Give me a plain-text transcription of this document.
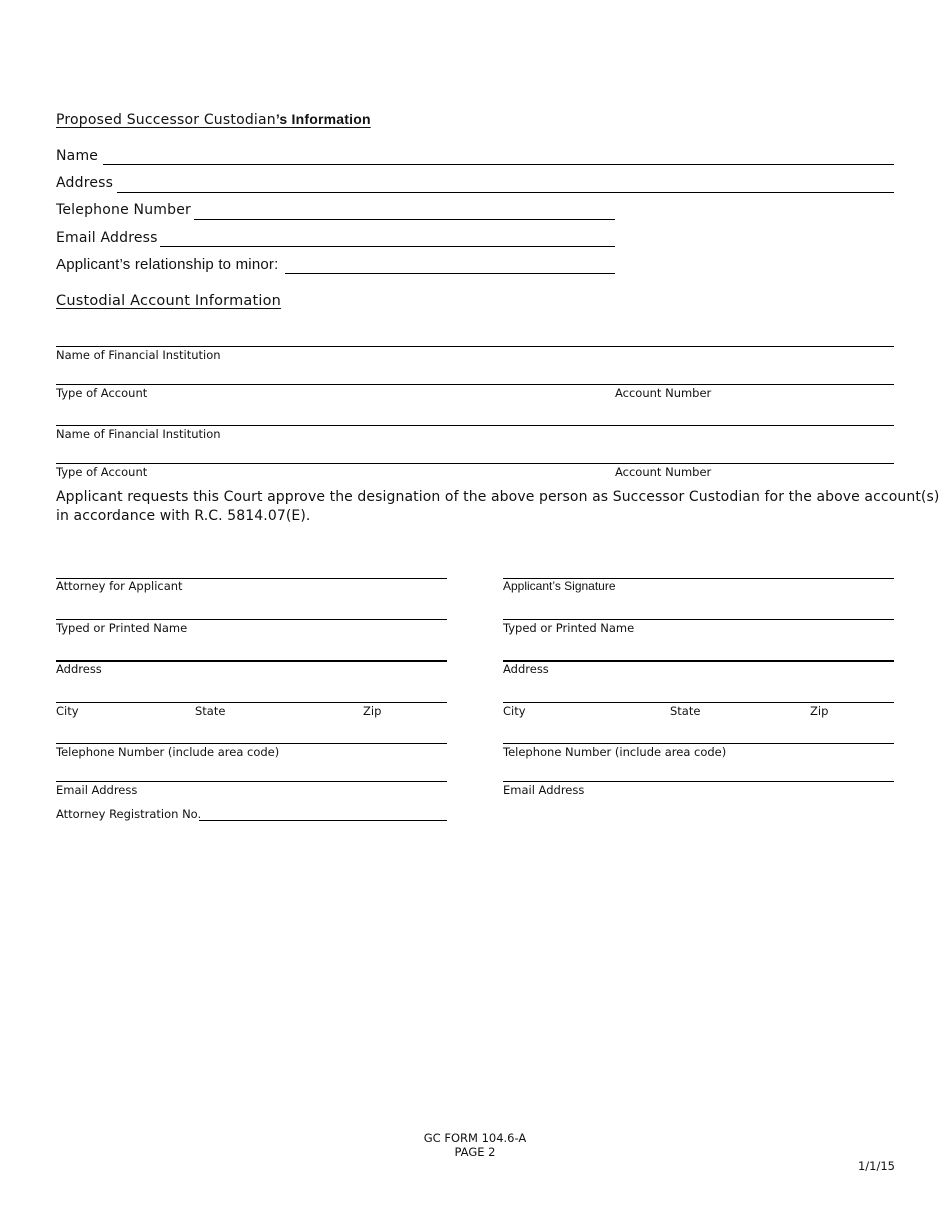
Proposed Successor Custodian’s Information
Name
Address
Telephone Number
Email Address
Applicant’s relationship to minor:
Custodial Account Information
Name of Financial Institution
Type of Account	Account Number
Name of Financial Institution
Type of Account	Account Number
Applicant requests this Court approve the designation of the above person as Successor Custodian for the above account(s)
in accordance with R.C. 5814.07(E).
Attorney for Applicant
Typed or Printed Name
Address
City	State	Zip
Telephone Number (include area code)
Email Address
Attorney Registration No.
Applicant’s Signature
Typed or Printed Name
Address
City	State	Zip
Telephone Number (include area code)
Email Address
GC FORM 104.6-A
PAGE 2
1/1/15
